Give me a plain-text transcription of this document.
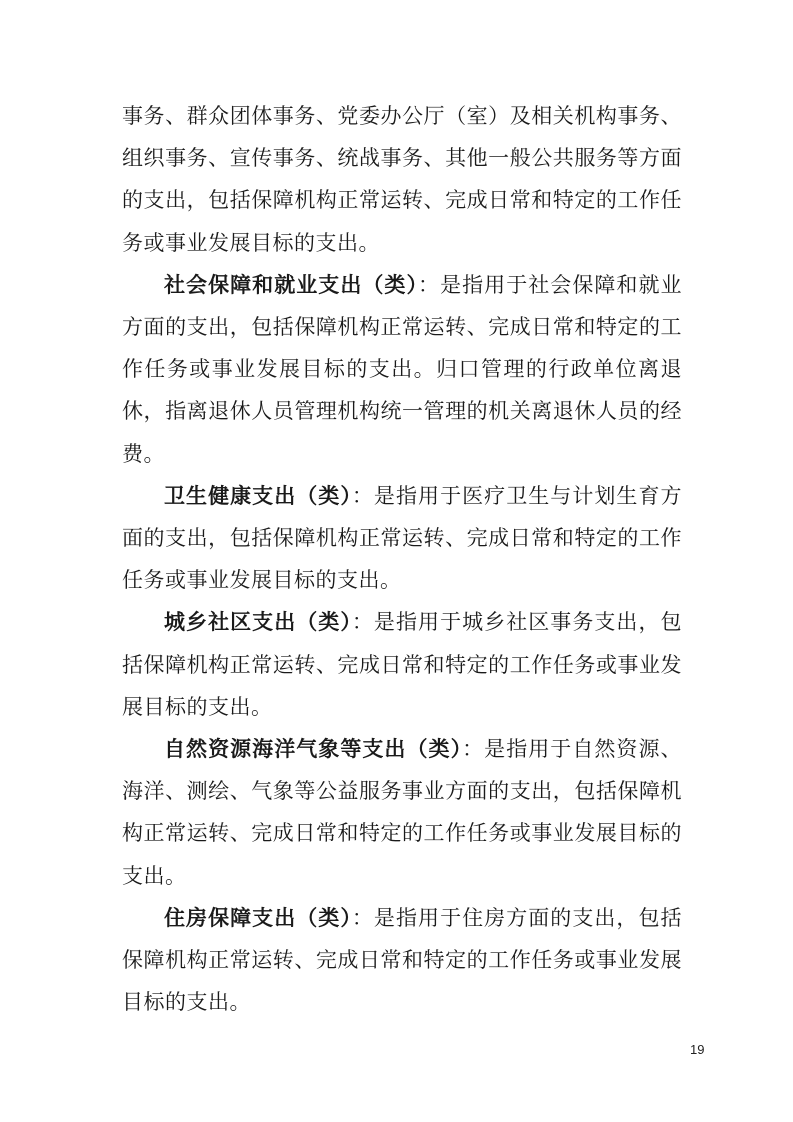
事务、群众团体事务、党委办公厅（室）及相关机构事务、组织事务、宣传事务、统战事务、其他一般公共服务等方面的支出，包括保障机构正常运转、完成日常和特定的工作任务或事业发展目标的支出。

社会保障和就业支出（类）：是指用于社会保障和就业方面的支出，包括保障机构正常运转、完成日常和特定的工作任务或事业发展目标的支出。归口管理的行政单位离退休，指离退休人员管理机构统一管理的机关离退休人员的经费。

卫生健康支出（类）：是指用于医疗卫生与计划生育方面的支出，包括保障机构正常运转、完成日常和特定的工作任务或事业发展目标的支出。

城乡社区支出（类）：是指用于城乡社区事务支出，包括保障机构正常运转、完成日常和特定的工作任务或事业发展目标的支出。

自然资源海洋气象等支出（类）：是指用于自然资源、海洋、测绘、气象等公益服务事业方面的支出，包括保障机构正常运转、完成日常和特定的工作任务或事业发展目标的支出。

住房保障支出（类）：是指用于住房方面的支出，包括保障机构正常运转、完成日常和特定的工作任务或事业发展目标的支出。

19
